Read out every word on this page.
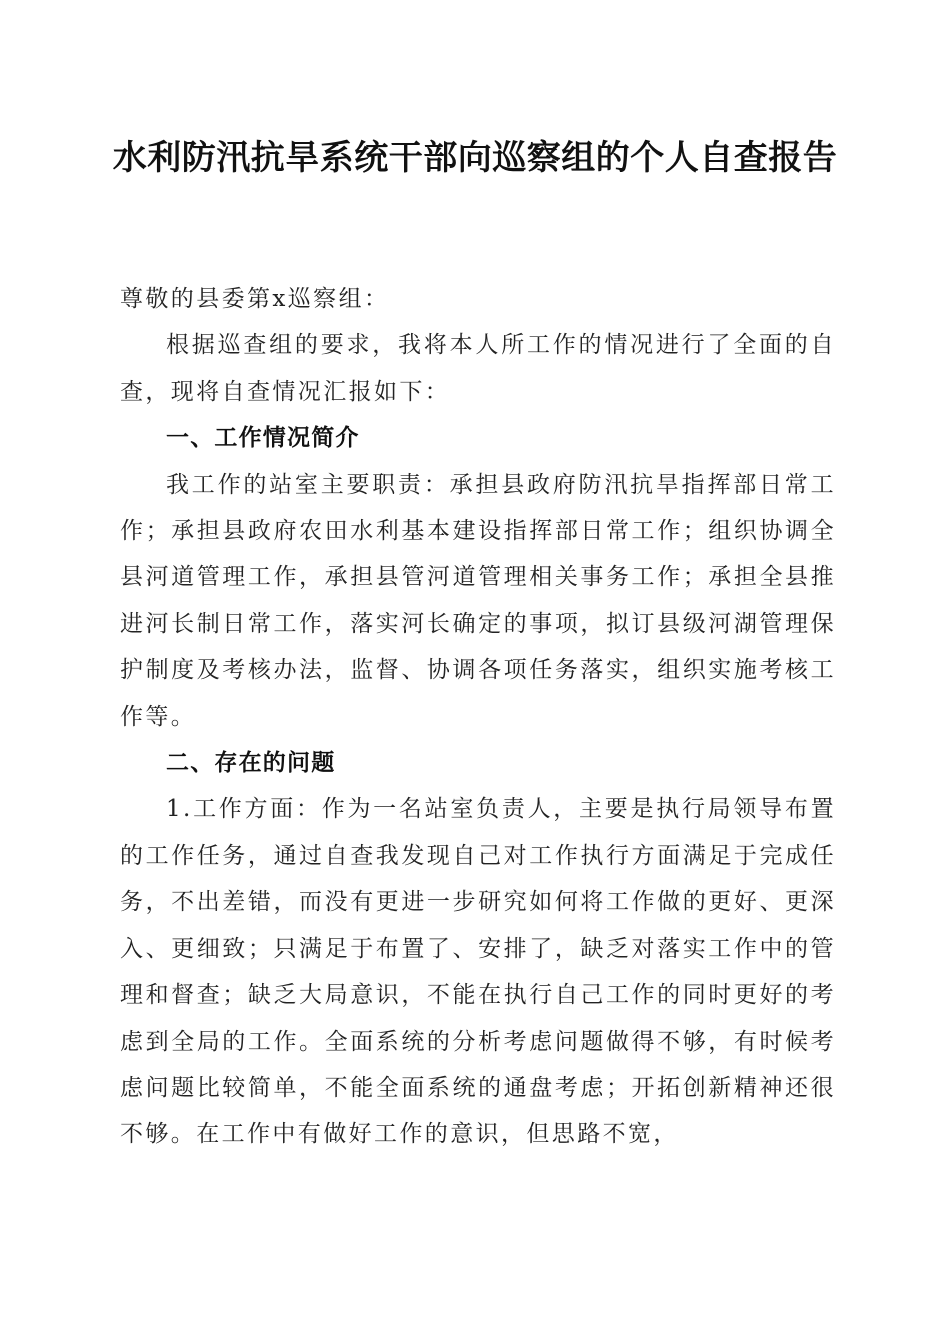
水利防汛抗旱系统干部向巡察组的个人自查报告

尊敬的县委第x巡察组：

根据巡查组的要求，我将本人所工作的情况进行了全面的自查，现将自查情况汇报如下：

一、工作情况简介

我工作的站室主要职责：承担县政府防汛抗旱指挥部日常工作；承担县政府农田水利基本建设指挥部日常工作；组织协调全县河道管理工作，承担县管河道管理相关事务工作；承担全县推进河长制日常工作，落实河长确定的事项，拟订县级河湖管理保护制度及考核办法，监督、协调各项任务落实，组织实施考核工作等。

二、存在的问题

1.工作方面：作为一名站室负责人，主要是执行局领导布置的工作任务，通过自查我发现自己对工作执行方面满足于完成任务，不出差错，而没有更进一步研究如何将工作做的更好、更深入、更细致；只满足于布置了、安排了，缺乏对落实工作中的管理和督查；缺乏大局意识，不能在执行自己工作的同时更好的考虑到全局的工作。全面系统的分析考虑问题做得不够，有时候考虑问题比较简单，不能全面系统的通盘考虑；开拓创新精神还很不够。在工作中有做好工作的意识，但思路不宽，
